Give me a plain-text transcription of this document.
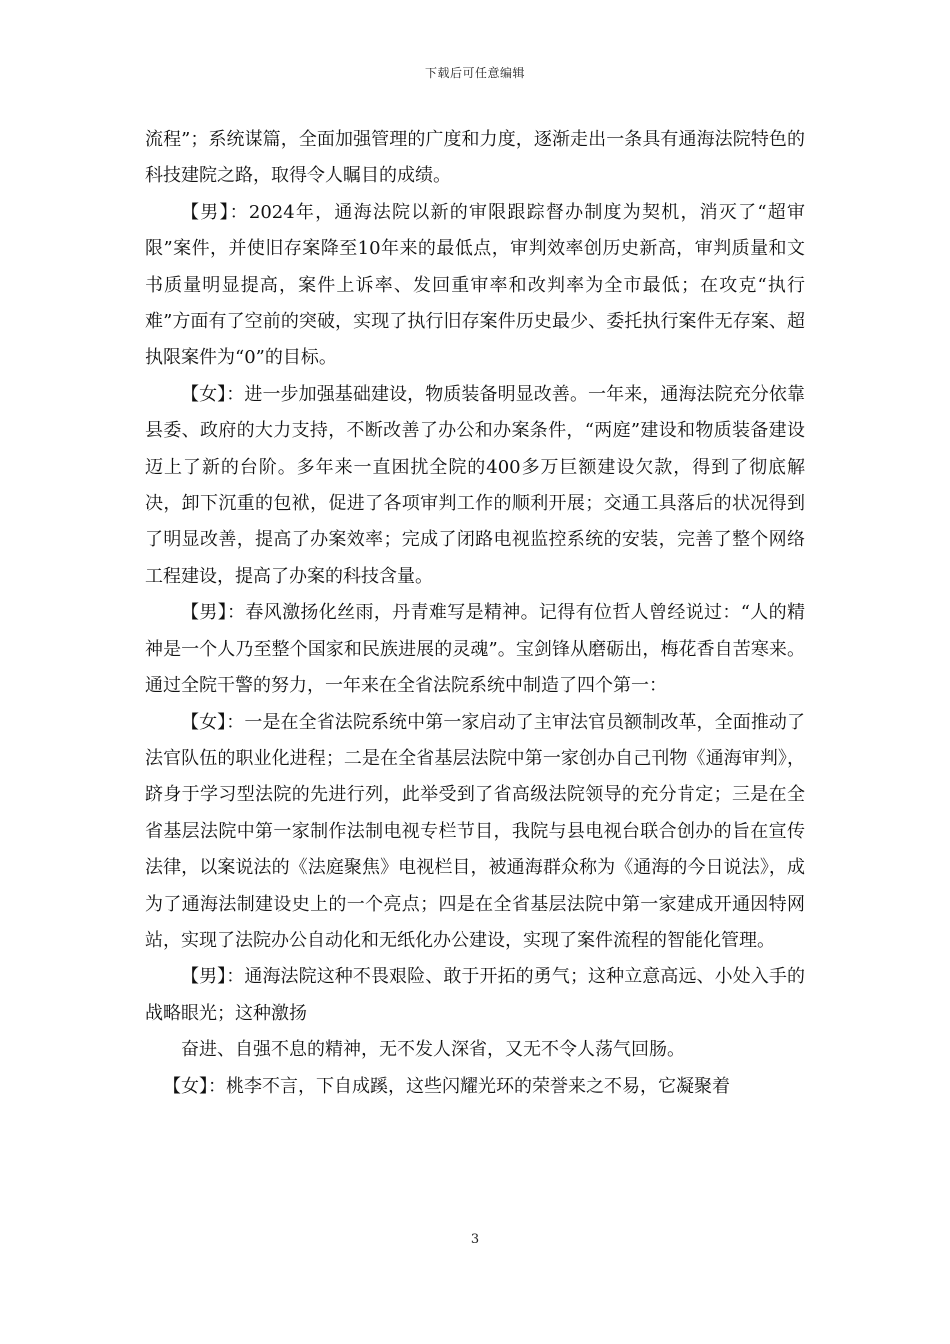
下载后可任意编辑

流程”；系统谋篇，全面加强管理的广度和力度，逐渐走出一条具有通海法院特色的科技建院之路，取得令人瞩目的成绩。

【男】：2024年，通海法院以新的审限跟踪督办制度为契机，消灭了“超审限”案件，并使旧存案降至10年来的最低点，审判效率创历史新高，审判质量和文书质量明显提高，案件上诉率、发回重审率和改判率为全市最低；在攻克“执行难”方面有了空前的突破，实现了执行旧存案件历史最少、委托执行案件无存案、超执限案件为“0”的目标。

【女】：进一步加强基础建设，物质装备明显改善。一年来，通海法院充分依靠县委、政府的大力支持，不断改善了办公和办案条件，“两庭”建设和物质装备建设迈上了新的台阶。多年来一直困扰全院的400多万巨额建设欠款，得到了彻底解决，卸下沉重的包袱，促进了各项审判工作的顺利开展；交通工具落后的状况得到了明显改善，提高了办案效率；完成了闭路电视监控系统的安装，完善了整个网络工程建设，提高了办案的科技含量。

【男】：春风激扬化丝雨，丹青难写是精神。记得有位哲人曾经说过：“人的精神是一个人乃至整个国家和民族进展的灵魂”。宝剑锋从磨砺出，梅花香自苦寒来。通过全院干警的努力，一年来在全省法院系统中制造了四个第一：

【女】：一是在全省法院系统中第一家启动了主审法官员额制改革，全面推动了法官队伍的职业化进程；二是在全省基层法院中第一家创办自己刊物《通海审判》，跻身于学习型法院的先进行列，此举受到了省高级法院领导的充分肯定；三是在全省基层法院中第一家制作法制电视专栏节目，我院与县电视台联合创办的旨在宣传法律，以案说法的《法庭聚焦》电视栏目，被通海群众称为《通海的今日说法》，成为了通海法制建设史上的一个亮点；四是在全省基层法院中第一家建成开通因特网站，实现了法院办公自动化和无纸化办公建设，实现了案件流程的智能化管理。

【男】：通海法院这种不畏艰险、敢于开拓的勇气；这种立意高远、小处入手的战略眼光；这种激扬

奋进、自强不息的精神，无不发人深省，又无不令人荡气回肠。

【女】：桃李不言，下自成蹊，这些闪耀光环的荣誉来之不易，它凝聚着

3
